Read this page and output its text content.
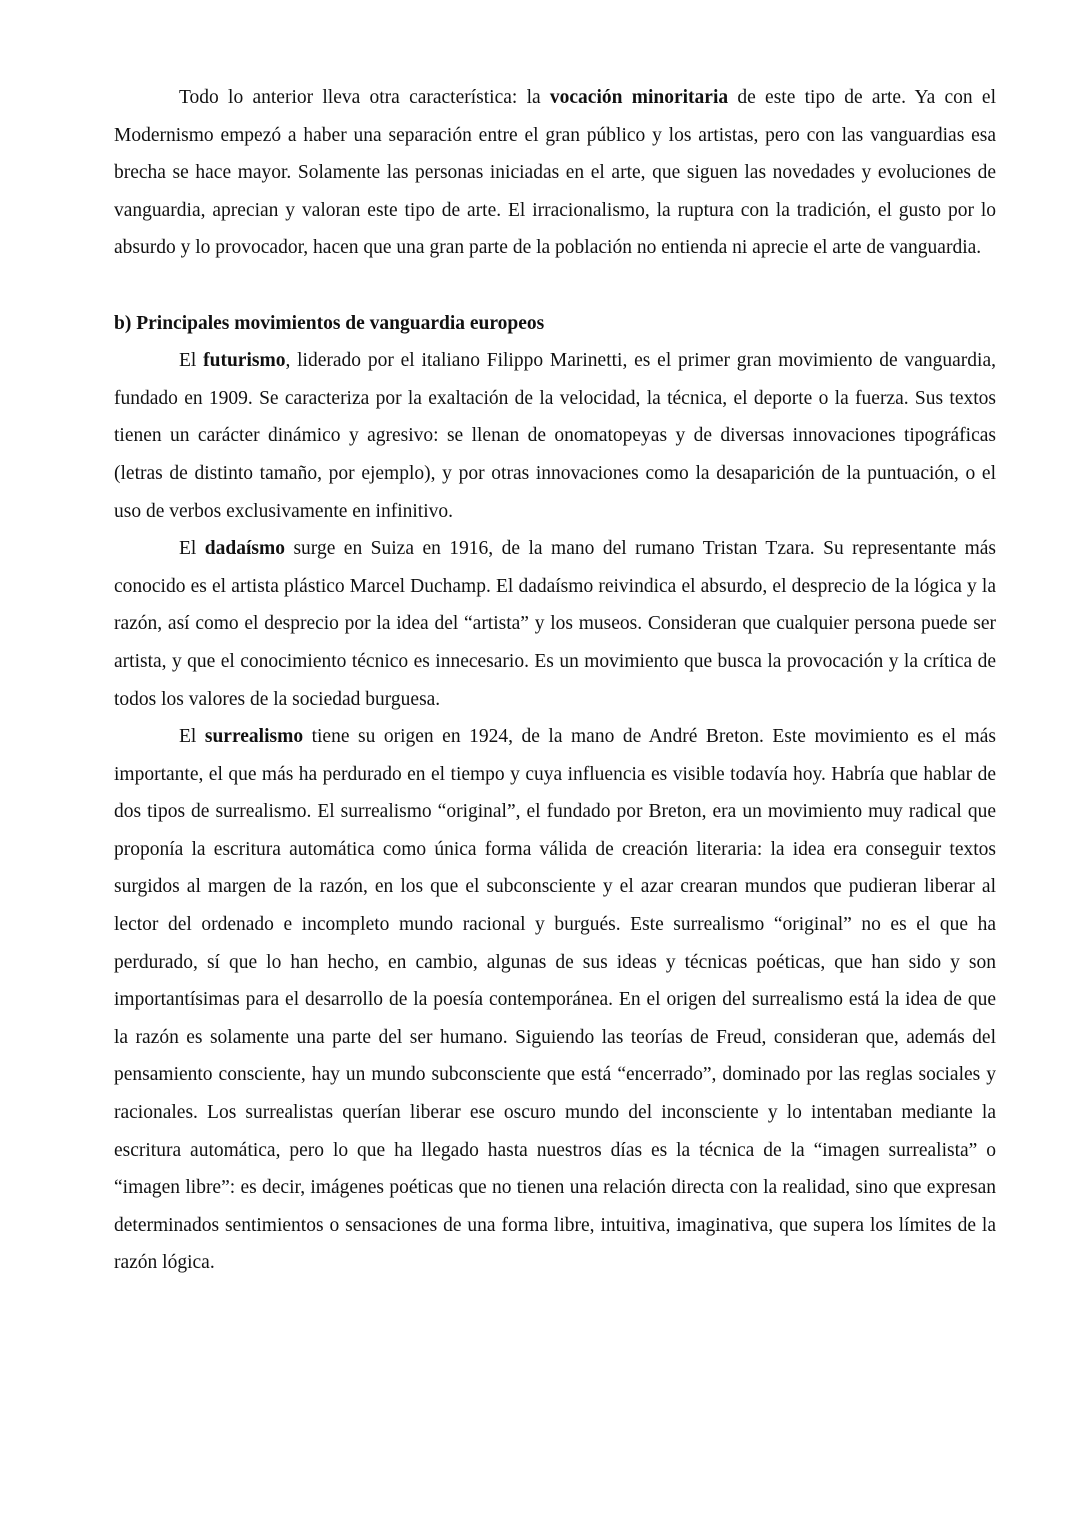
Todo lo anterior lleva otra característica: la vocación minoritaria de este tipo de arte. Ya con el Modernismo empezó a haber una separación entre el gran público y los artistas, pero con las vanguardias esa brecha se hace mayor. Solamente las personas iniciadas en el arte, que siguen las novedades y evoluciones de vanguardia, aprecian y valoran este tipo de arte. El irracionalismo, la ruptura con la tradición, el gusto por lo absurdo y lo provocador, hacen que una gran parte de la población no entienda ni aprecie el arte de vanguardia.

b) Principales movimientos de vanguardia europeos

El futurismo, liderado por el italiano Filippo Marinetti, es el primer gran movimiento de vanguardia, fundado en 1909. Se caracteriza por la exaltación de la velocidad, la técnica, el deporte o la fuerza. Sus textos tienen un carácter dinámico y agresivo: se llenan de onomatopeyas y de diversas innovaciones tipográficas (letras de distinto tamaño, por ejemplo), y por otras innovaciones como la desaparición de la puntuación, o el uso de verbos exclusivamente en infinitivo.

El dadaísmo surge en Suiza en 1916, de la mano del rumano Tristan Tzara. Su representante más conocido es el artista plástico Marcel Duchamp. El dadaísmo reivindica el absurdo, el desprecio de la lógica y la razón, así como el desprecio por la idea del “artista” y los museos. Consideran que cualquier persona puede ser artista, y que el conocimiento técnico es innecesario. Es un movimiento que busca la provocación y la crítica de todos los valores de la sociedad burguesa.

El surrealismo tiene su origen en 1924, de la mano de André Breton. Este movimiento es el más importante, el que más ha perdurado en el tiempo y cuya influencia es visible todavía hoy. Habría que hablar de dos tipos de surrealismo. El surrealismo “original”, el fundado por Breton, era un movimiento muy radical que proponía la escritura automática como única forma válida de creación literaria: la idea era conseguir textos surgidos al margen de la razón, en los que el subconsciente y el azar crearan mundos que pudieran liberar al lector del ordenado e incompleto mundo racional y burgués. Este surrealismo “original” no es el que ha perdurado, sí que lo han hecho, en cambio, algunas de sus ideas y técnicas poéticas, que han sido y son importantísimas para el desarrollo de la poesía contemporánea. En el origen del surrealismo está la idea de que la razón es solamente una parte del ser humano. Siguiendo las teorías de Freud, consideran que, además del pensamiento consciente, hay un mundo subconsciente que está “encerrado”, dominado por las reglas sociales y racionales. Los surrealistas querían liberar ese oscuro mundo del inconsciente y lo intentaban mediante la escritura automática, pero lo que ha llegado hasta nuestros días es la técnica de la “imagen surrealista” o “imagen libre”: es decir, imágenes poéticas que no tienen una relación directa con la realidad, sino que expresan determinados sentimientos o sensaciones de una forma libre, intuitiva, imaginativa, que supera los límites de la razón lógica.
